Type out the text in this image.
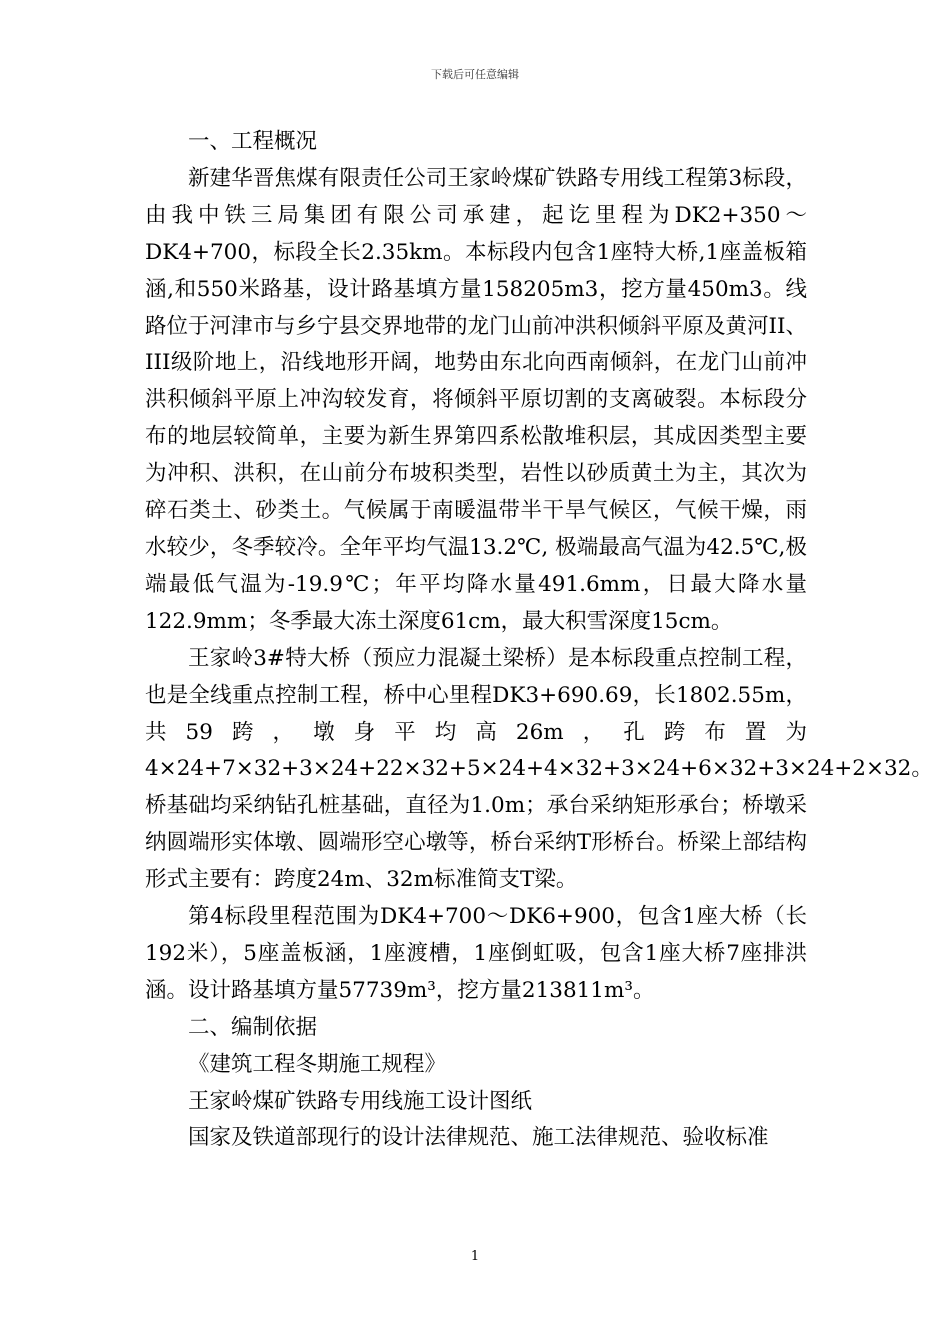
下载后可任意编辑

一、工程概况

新建华晋焦煤有限责任公司王家岭煤矿铁路专用线工程第3标段，由我中铁三局集团有限公司承建，起讫里程为DK2+350～DK4+700，标段全长2.35km。本标段内包含1座特大桥,1座盖板箱涵,和550米路基，设计路基填方量158205m3，挖方量450m3。线路位于河津市与乡宁县交界地带的龙门山前冲洪积倾斜平原及黄河II、III级阶地上，沿线地形开阔，地势由东北向西南倾斜，在龙门山前冲洪积倾斜平原上冲沟较发育，将倾斜平原切割的支离破裂。本标段分布的地层较简单，主要为新生界第四系松散堆积层，其成因类型主要为冲积、洪积，在山前分布坡积类型，岩性以砂质黄土为主，其次为碎石类土、砂类土。气候属于南暖温带半干旱气候区，气候干燥，雨水较少，冬季较冷。全年平均气温13.2℃, 极端最高气温为42.5℃,极端最低气温为-19.9℃；年平均降水量491.6mm，日最大降水量122.9mm；冬季最大冻土深度61cm，最大积雪深度15cm。

王家岭3#特大桥（预应力混凝土梁桥）是本标段重点控制工程，也是全线重点控制工程，桥中心里程DK3+690.69，长1802.55m，共59跨，墩身平均高26m，孔跨布置为4×24+7×32+3×24+22×32+5×24+4×32+3×24+6×32+3×24+2×32。桥基础均采纳钻孔桩基础，直径为1.0m；承台采纳矩形承台；桥墩采纳圆端形实体墩、圆端形空心墩等，桥台采纳T形桥台。桥梁上部结构形式主要有：跨度24m、32m标准简支T梁。

第4标段里程范围为DK4+700～DK6+900，包含1座大桥（长192米），5座盖板涵，1座渡槽，1座倒虹吸，包含1座大桥7座排洪涵。设计路基填方量57739m³，挖方量213811m³。

二、编制依据

《建筑工程冬期施工规程》

王家岭煤矿铁路专用线施工设计图纸

国家及铁道部现行的设计法律规范、施工法律规范、验收标准

1
